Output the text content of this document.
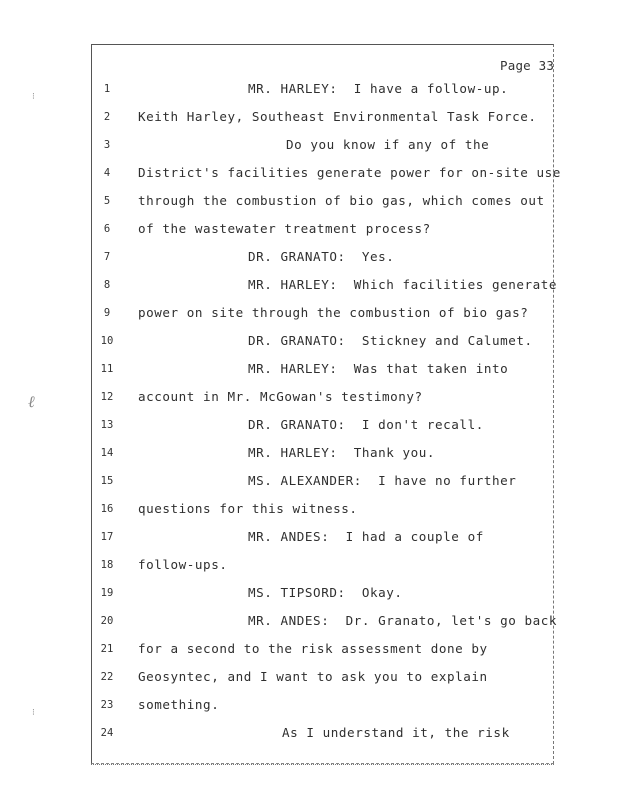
Page 33
1
2
3
4
5
6
7
8
9
10
11
12
13
14
15
16
17
18
19
20
21
22
23
24
MR. HARLEY:  I have a follow-up.
Keith Harley, Southeast Environmental Task Force.
Do you know if any of the
District's facilities generate power for on-site use
through the combustion of bio gas, which comes out
of the wastewater treatment process?
DR. GRANATO:  Yes.
MR. HARLEY:  Which facilities generate
power on site through the combustion of bio gas?
DR. GRANATO:  Stickney and Calumet.
MR. HARLEY:  Was that taken into
account in Mr. McGowan's testimony?
DR. GRANATO:  I don't recall.
MR. HARLEY:  Thank you.
MS. ALEXANDER:  I have no further
questions for this witness.
MR. ANDES:  I had a couple of
follow-ups.
MS. TIPSORD:  Okay.
MR. ANDES:  Dr. Granato, let's go back
for a second to the risk assessment done by
Geosyntec, and I want to ask you to explain
something.
As I understand it, the risk
⁝
ℓ
⁝
